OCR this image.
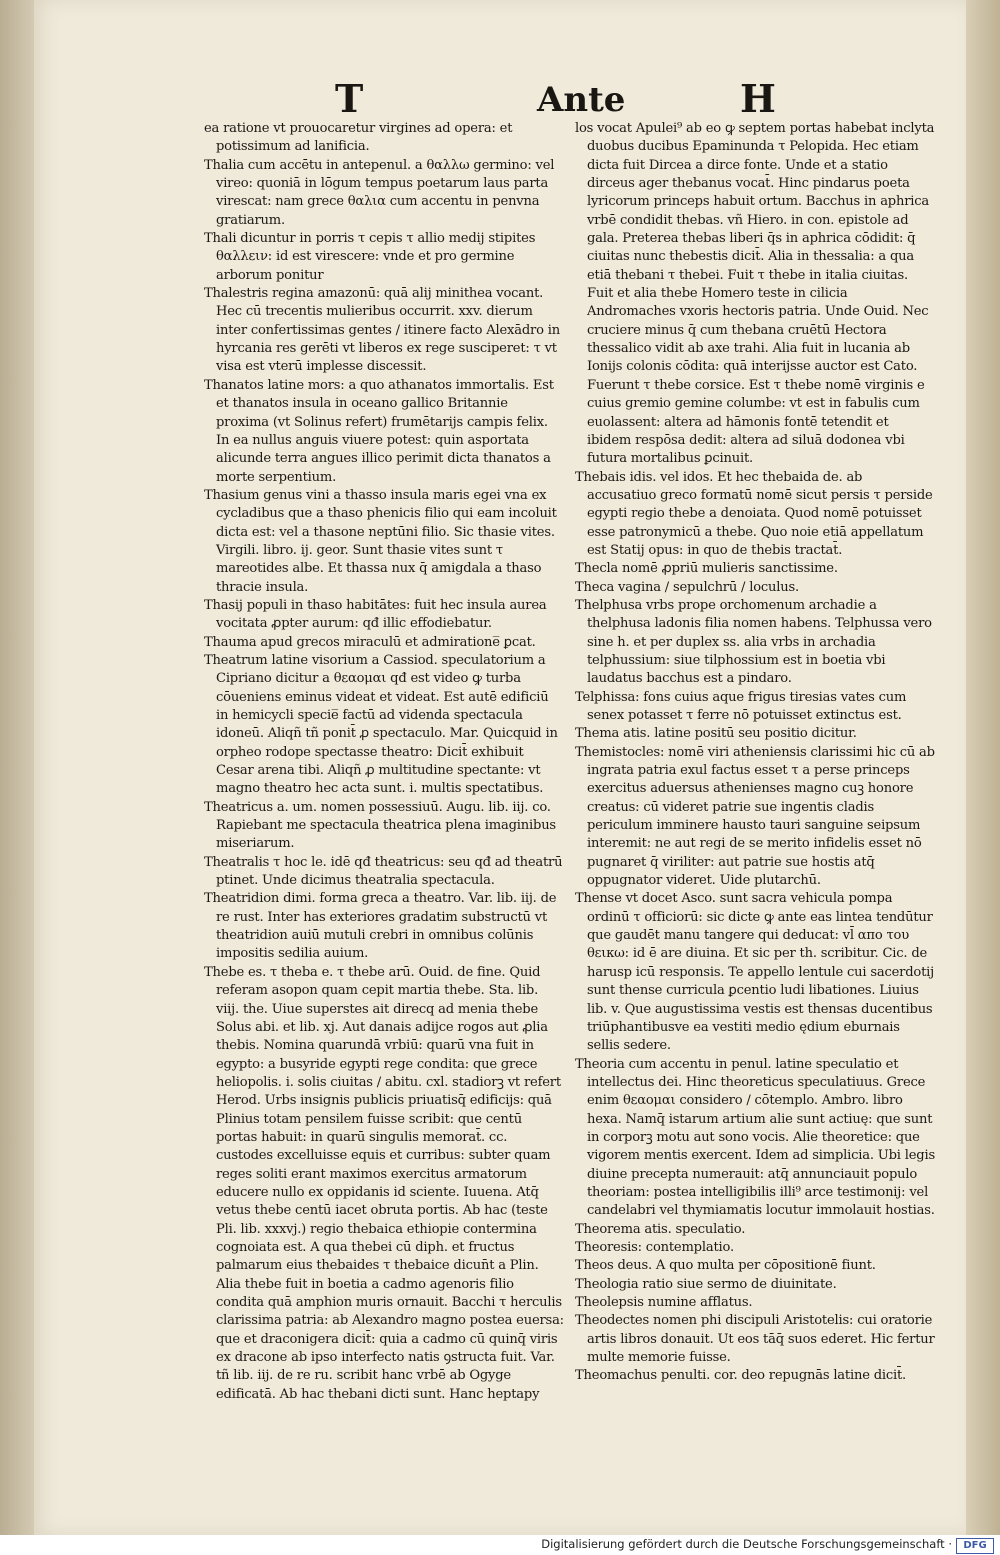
T	Ante	H

ea ratione vt prouocaretur virgines ad opera: et potissimum ad lanificia.

Thalia cum accētu in antepenul. a θαλλω germino: vel vireo: quoniā in lōgum tempus poetarum laus parta virescat: nam grece θαλια cum accentu in penvna gratiarum.

Thali dicuntur in porris τ cepis τ allio medij stipites θαλλειν: id est virescere: vnde et pro germine arborum ponitur

Thalestris regina amazonū: quā alij minithea vocant. Hec cū trecentis mulieribus occurrit. xxv. dierum inter confertissimas gentes / itinere facto Alexādro in hyrcania res gerēti vt liberos ex rege susciperet: τ vt visa est vterū implesse discessit.

Thanatos latine mors: a quo athanatos immortalis. Est et thanatos insula in oceano gallico Britannie proxima (vt Solinus refert) frumētarijs campis felix. In ea nullus anguis viuere potest: quin asportata alicunde terra angues illico perimit dicta thanatos a morte serpentium.

Thasium genus vini a thasso insula maris egei vna ex cycladibus que a thaso phenicis filio qui eam incoluit dicta est: vel a thasone neptūni filio. Sic thasie vites. Virgili. libro. ij. geor. Sunt thasie vites sunt τ mareotides albe. Et thassa nux q̄ amigdala a thaso thracie insula.

Thasij populi in thaso habitātes: fuit hec insula aurea vocitata ꝓpter aurum: qđ illic effodiebatur.

Thauma apud grecos miraculū et admiratione̅ ꝑcat.

Theatrum latine visorium a Cassiod. speculatorium a Cipriano dicitur a θεαομαι qđ est video ꝙ turba cōueniens eminus videat et videat. Est autē edificiū in hemicycli specie̅ factū ad videnda spectacula idoneū. Aliqñ tñ ponit̄ ꝓ spectaculo. Mar. Quicquid in orpheo rodope spectasse theatro: Dicit̄ exhibuit Cesar arena tibi. Aliqñ ꝓ multitudine spectante: vt magno theatro hec acta sunt. i. multis spectatibus.

Theatricus a. um. nomen possessiuū. Augu. lib. iij. co. Rapiebant me spectacula theatrica plena imaginibus miseriarum.

Theatralis τ hoc le. idē qđ theatricus: seu qđ ad theatrū ptinet. Unde dicimus theatralia spectacula.

Theatridion dimi. forma greca a theatro. Var. lib. iij. de re rust. Inter has exteriores gradatim substructū vt theatridion auiū mutuli crebri in omnibus colūnis impositis sedilia auium.

Thebe es. τ theba e. τ thebe arū. Ouid. de fine. Quid referam asopon quam cepit martia thebe. Sta. lib. viij. the. Uiue superstes ait direcq ad menia thebe Solus abi. et lib. xj. Aut danais adijce rogos aut ꝓlia thebis. Nomina quarundā vrbiū: quarū vna fuit in egypto: a busyride egypti rege condita: que grece heliopolis. i. solis ciuitas / abitu. cxl. stadiorꝫ vt refert Herod. Urbs insignis publicis priuatisq̄ edificijs: quā Plinius totam pensilem fuisse scribit: que centū portas habuit: in quarū singulis memorat̄. cc. custodes excelluisse equis et curribus: subter quam reges soliti erant maximos exercitus armatorum educere nullo ex oppidanis id sciente. Iuuena. Atq̄ vetus thebe centū iacet obruta portis. Ab hac (teste Pli. lib. xxxvj.) regio thebaica ethiopie contermina cognoiata est. A qua thebei cū diph. et fructus palmarum eius thebaides τ thebaice dicun̄t a Plin. Alia thebe fuit in boetia a cadmo agenoris filio condita quā amphion muris ornauit. Bacchi τ herculis clarissima patria: ab Alexandro magno postea euersa: que et draconigera dicit̄: quia a cadmo cū quinq̄ viris ex dracone ab ipso interfecto natis ꝯstructa fuit. Var. tñ lib. iij. de re ru. scribit hanc vrbē ab Ogyge edificatā. Ab hac thebani dicti sunt. Hanc heptapy

los vocat Apulei⁹ ab eo ꝙ septem portas habebat inclyta duobus ducibus Epaminunda τ Pelopida. Hec etiam dicta fuit Dircea a dirce fonte. Unde et a statio dirceus ager thebanus vocat̄. Hinc pindarus poeta lyricorum princeps habuit ortum. Bacchus in aphrica vrbē condidit thebas. vñ Hiero. in con. epistole ad gala. Preterea thebas liberi q̄s in aphrica cōdidit: q̄ ciuitas nunc thebestis dicit̄. Alia in thessalia: a qua etiā thebani τ thebei. Fuit τ thebe in italia ciuitas. Fuit et alia thebe Homero teste in cilicia Andromaches vxoris hectoris patria. Unde Ouid. Nec cruciere minus q̄ cum thebana cruētū Hectora thessalico vidit ab axe trahi. Alia fuit in lucania ab Ionijs colonis cōdita: quā interijsse auctor est Cato. Fuerunt τ thebe corsice. Est τ thebe nomē virginis e cuius gremio gemine columbe: vt est in fabulis cum euolassent: altera ad hāmonis fontē tetendit et ibidem respōsa dedit: altera ad siluā dodonea vbi futura mortalibus ꝑcinuit.

Thebais idis. vel idos. Et hec thebaida de. ab accusatiuo greco formatū nomē sicut persis τ perside egypti regio thebe a denoiata. Quod nomē potuisset esse patronymicū a thebe. Quo noie etiā appellatum est Statij opus: in quo de thebis tractat̄.

Thecla nomē ꝓpriū mulieris sanctissime.

Theca vagina / sepulchrū / loculus.

Thelphusa vrbs prope orchomenum archadie a thelphusa ladonis filia nomen habens. Telphussa vero sine h. et per duplex ss. alia vrbs in archadia telphussium: siue tilphossium est in boetia vbi laudatus bacchus est a pindaro.

Telphissa: fons cuius aque frigus tiresias vates cum senex potasset τ ferre nō potuisset extinctus est.

Thema atis. latine positū seu positio dicitur.

Themistocles: nomē viri atheniensis clarissimi hic cū ab ingrata patria exul factus esset τ a perse princeps exercitus aduersus athenienses magno cuꝫ honore creatus: cū videret patrie sue ingentis cladis periculum imminere hausto tauri sanguine seipsum interemit: ne aut regi de se merito infidelis esset nō pugnaret q̄ viriliter: aut patrie sue hostis atq̄ oppugnator videret. Uide plutarchū.

Thense vt docet Asco. sunt sacra vehicula pompa ordinū τ officiorū: sic dicte ꝙ ante eas lintea tendūtur que gaudēt manu tangere qui deducat: vl̄ απο του θεικω: id ē are diuina. Et sic per th. scribitur. Cic. de harusp icū responsis. Te appello lentule cui sacerdotij sunt thense curricula ꝑcentio ludi libationes. Liuius lib. v. Que augustissima vestis est thensas ducentibus triūphantibusve ea vestiti medio ędium eburnais sellis sedere.

Theoria cum accentu in penul. latine speculatio et intellectus dei. Hinc theoreticus speculatiuus. Grece enim θεαομαι considero / cōtemplo. Ambro. libro hexa. Namq̄ istarum artium alie sunt actiuę: que sunt in corporꝫ motu aut sono vocis. Alie theoretice: que vigorem mentis exercent. Idem ad simplicia. Ubi legis diuine precepta numerauit: atq̄ annunciauit populo theoriam: postea intelligibilis illi⁹ arce testimonij: vel candelabri vel thymiamatis locutur immolauit hostias.

Theorema atis. speculatio.

Theoresis: contemplatio.

Theos deus. A quo multa per cōpositionē fiunt.

Theologia ratio siue sermo de diuinitate.

Theolepsis numine afflatus.

Theodectes nomen phi discipuli Aristotelis: cui oratorie artis libros donauit. Ut eos tāq̄ suos ederet. Hic fertur multe memorie fuisse.

Theomachus penulti. cor. deo repugnās latine dicit̄.

Digitalisierung gefördert durch die Deutsche Forschungsgemeinschaft ·	DFG
